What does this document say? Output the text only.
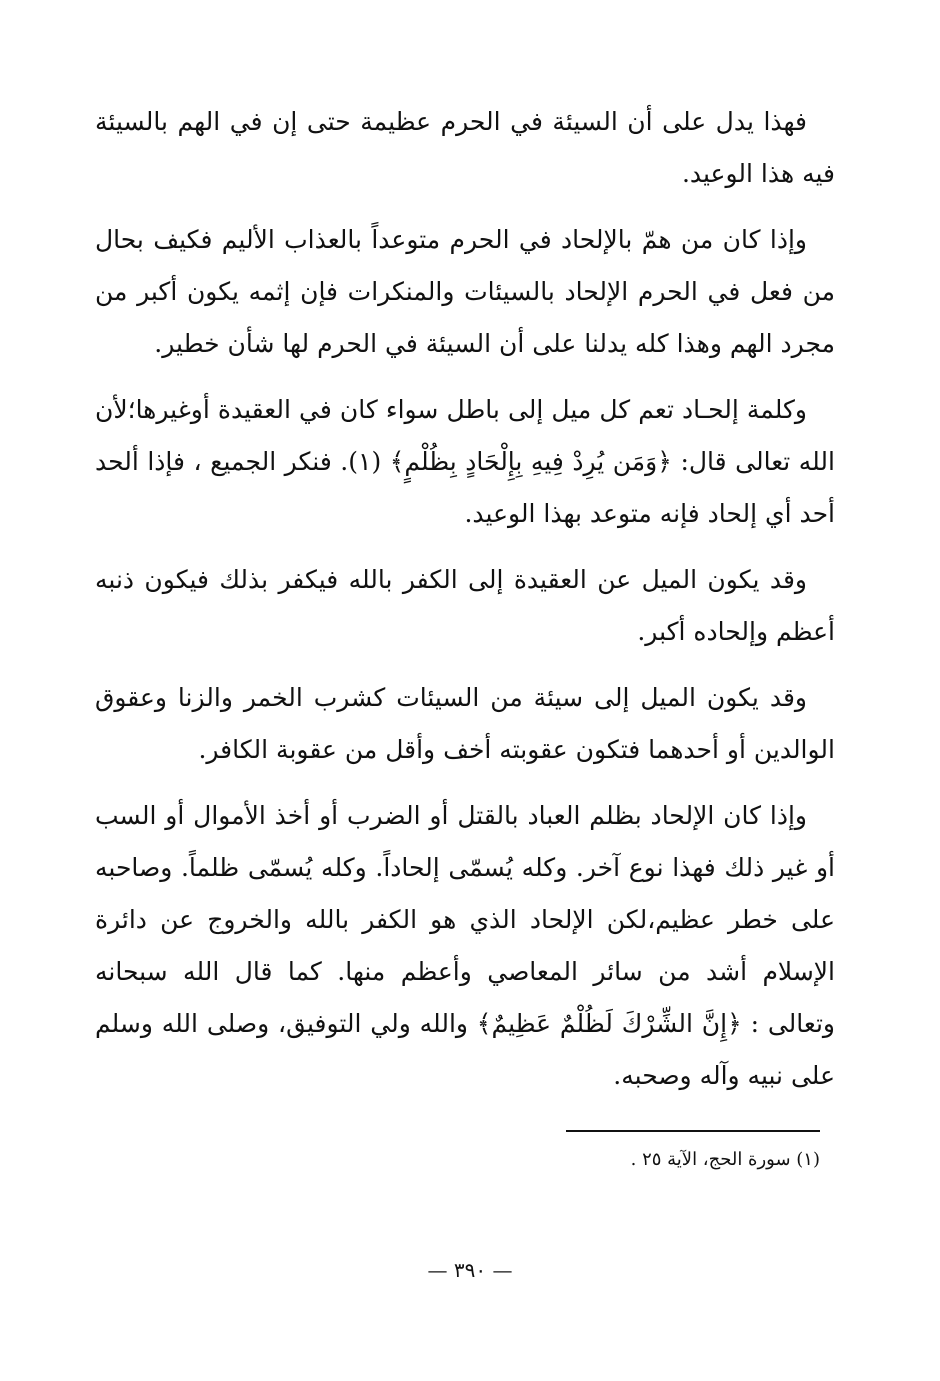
فهذا يدل على أن السيئة في الحرم عظيمة حتى إن في الهم بالسيئة فيه هذا الوعيد.

وإذا كان من همّ بالإلحاد في الحرم متوعداً بالعذاب الأليم فكيف بحال من فعل في الحرم الإلحاد بالسيئات والمنكرات فإن إثمه يكون أكبر من مجرد الهم وهذا كله يدلنا على أن السيئة في الحرم لها شأن خطير.

وكلمة إلحـاد تعم كل ميل إلى باطل سواء كان في العقيدة أوغيرها؛لأن الله تعالى قال: ﴿وَمَن يُرِدْ فِيهِ بِإِلْحَادٍ بِظُلْمٍ﴾ (١). فنكر الجميع ، فإذا ألحد أحد أي إلحاد فإنه متوعد بهذا الوعيد.

وقد يكون الميل عن العقيدة إلى الكفر بالله فيكفر بذلك فيكون ذنبه أعظم وإلحاده أكبر.

وقد يكون الميل إلى سيئة من السيئات كشرب الخمر والزنا وعقوق الوالدين أو أحدهما فتكون عقوبته أخف وأقل من عقوبة الكافر.

وإذا كان الإلحاد بظلم العباد بالقتل أو الضرب أو أخذ الأموال أو السب أو غير ذلك فهذا نوع آخر. وكله يُسمّى إلحاداً. وكله يُسمّى ظلماً. وصاحبه على خطر عظيم،لكن الإلحاد الذي هو الكفر بالله والخروج عن دائرة الإسلام أشد من سائر المعاصي وأعظم منها. كما قال الله سبحانه وتعالى : ﴿إِنَّ الشِّرْكَ لَظُلْمٌ عَظِيمٌ﴾ والله ولي التوفيق، وصلى الله وسلم على نبيه وآله وصحبه.

(١) سورة الحج، الآية ٢٥ .
— ٣٩٠ —
